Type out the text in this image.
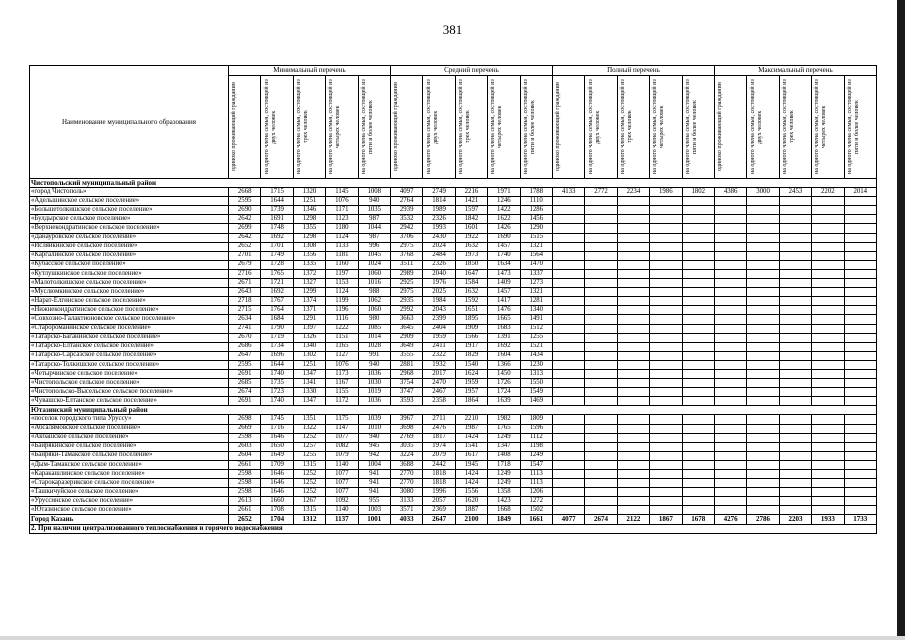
381
Наименование муниципального образования	Минимальный перечень					Средний перечень					Полный перечень					Максимальный перечень				

	одиноко проживающий гражданин	на одного члена семьи, состоящей из двух человек	на одного члена семьи, состоящей из трех человек	на одного члена семьи, состоящей из четырех человек	на одного члена семьи, состоящей из пяти и более человек	одиноко проживающий гражданин	на одного члена семьи, состоящей из двух человек	на одного члена семьи, состоящей из трех человек	на одного члена семьи, состоящей из четырех человек	на одного члена семьи, состоящей из пяти и более человек	одиноко проживающий гражданин	на одного члена семьи, состоящей из двух человек	на одного члена семьи, состоящей из трех человек	на одного члена семьи, состоящей из четырех человек	на одного члена семьи, состоящей из пяти и более человек	одиноко проживающий гражданин	на одного члена семьи, состоящей из двух человек	на одного члена семьи, состоящей из трех человек	на одного члена семьи, состоящей из четырех человек	на одного члена семьи, состоящей из пяти и более человек

Чистопольский муниципальный район																				
«город Чистополь»	2668	1715	1320	1145	1008	4097	2749	2216	1971	1788	4133	2772	2234	1986	1802	4386	3000	2453	2202	2014
«Адельшинское сельское поселение»	2595	1644	1251	1076	940	2764	1814	1421	1246	1110										
«Большетолкишское сельское поселение»	2690	1739	1346	1171	1035	2939	1989	1597	1422	1286										
«Булдырское сельское поселение»	2642	1691	1298	1123	987	3532	2326	1842	1622	1456										
«Верхнекондратинское сельское поселение»	2699	1748	1355	1180	1044	2942	1993	1601	1426	1290										
«Данауровское сельское поселение»	2642	1692	1298	1124	987	3706	2430	1922	1690	1515										
«Исляйкинское сельское поселение»	2652	1701	1308	1133	996	2975	2024	1632	1457	1321										
«Каргалинское сельское поселение»	2701	1749	1356	1181	1045	3768	2484	1973	1740	1564										
«Кубасское сельское поселение»	2679	1728	1335	1160	1024	3511	2326	1850	1634	1470										
«Кутлушкинское сельское поселение»	2716	1765	1372	1197	1060	2989	2040	1647	1473	1337										
«Малотолкишское сельское поселение»	2671	1721	1327	1153	1016	2925	1976	1584	1409	1273										
«Муслюмкинское сельское поселение»	2643	1692	1299	1124	988	2975	2025	1632	1457	1321										
«Нарат-Елгинское сельское поселение»	2718	1767	1374	1199	1062	2935	1984	1592	1417	1281										
«Нижнекондратинское сельское поселение»	2715	1764	1371	1196	1060	2992	2043	1651	1476	1340										
«Совхозно-Галактионовское сельское поселение»	2634	1684	1291	1116	980	3663	2399	1895	1665	1491										
«Старороманинское сельское поселение»	2741	1790	1397	1222	1085	3645	2404	1909	1683	1512										
«Татарско-Баганинское сельское поселение»	2670	1719	1326	1151	1014	2909	1959	1566	1391	1255										
«Татарско-Елтанское сельское поселение»	2686	1734	1340	1165	1028	3649	2411	1917	1692	1521										
«Татарско-Сарсазское сельское поселение»	2647	1696	1302	1127	991	3555	2322	1829	1604	1434										
«Татарско-Толкишское сельское поселение»	2595	1644	1251	1076	940	2881	1932	1540	1366	1230										
«Четырчинское сельское поселение»	2691	1740	1347	1173	1036	2968	2017	1624	1450	1313										
«Чистопольское сельское поселение»	2685	1735	1341	1167	1030	3754	2470	1959	1726	1550										
«Чистопольско-Высельское сельское поселение»	2674	1723	1330	1155	1019	3747	2467	1957	1724	1549										
«Чувашско-Елтанское сельское поселение»	2691	1740	1347	1172	1036	3593	2358	1864	1639	1469										
Ютазинский муниципальный район																				
«поселок городского типа Уруссу»	2698	1745	1351	1175	1039	3967	2711	2210	1982	1809										
«Абсалямовское сельское поселение»	2669	1716	1322	1147	1010	3698	2476	1987	1765	1596										
«Акбашское сельское поселение»	2598	1646	1252	1077	940	2769	1817	1424	1249	1112										
«Байряки́нское сельское поселение»	2603	1650	1257	1082	945	3035	1974	1541	1347	1198										
«Байряки-Тамакское сельское поселение»	2604	1649	1255	1079	942	3224	2079	1617	1408	1249										
«Дым-Тамакское сельское поселение»	2661	1709	1315	1140	1004	3688	2442	1945	1718	1547										
«Каракашлинское сельское поселение»	2598	1646	1252	1077	941	2770	1818	1424	1249	1113										
«Старокаразерикское сельское поселение»	2598	1646	1252	1077	941	2770	1818	1424	1249	1113										
«Ташкичуйское сельское поселение»	2598	1646	1252	1077	941	3080	1996	1556	1358	1206										
«Уруссинское сельское поселение»	2613	1660	1267	1092	955	3133	2057	1620	1423	1272										
«Ютазинское сельское поселение»	2661	1708	1315	1140	1003	3571	2369	1887	1668	1502										
Город Казань	2652	1704	1312	1137	1001	4033	2647	2100	1849	1661	4077	2674	2122	1867	1678	4276	2786	2203	1933	1733
2. При наличии централизованного теплоснабжения и горячего водоснабжения																				
